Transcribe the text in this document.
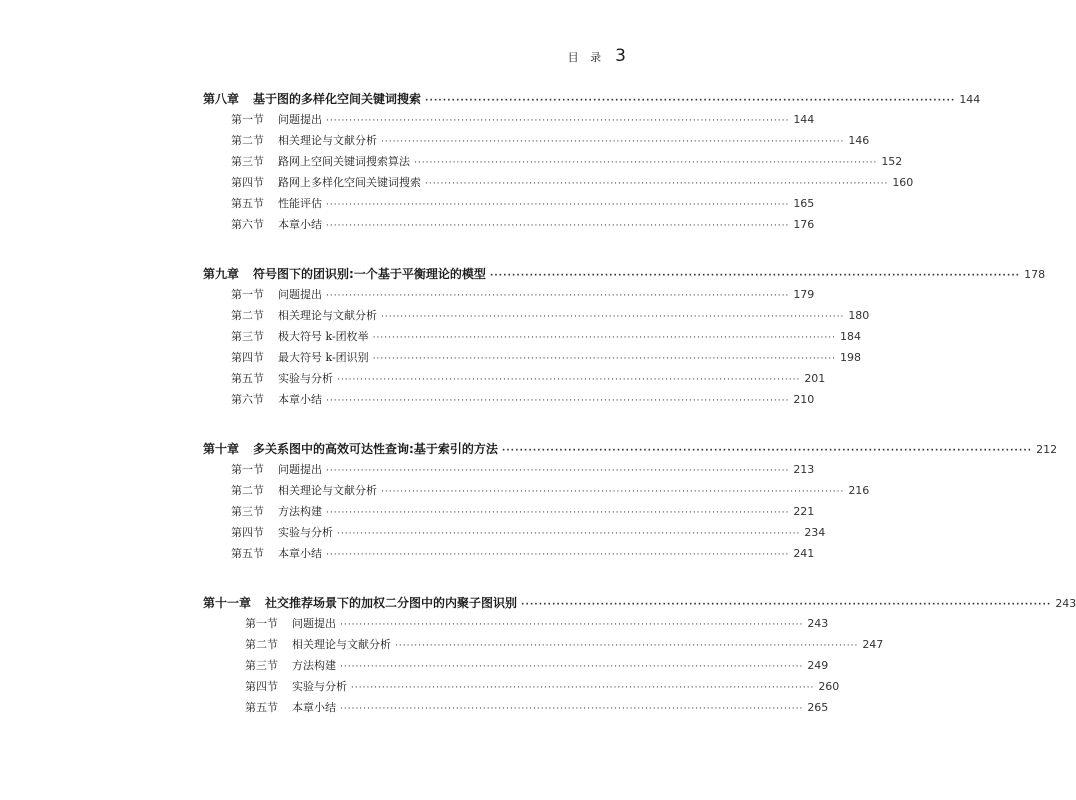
目 录 3
第八章 基于图的多样化空间关键词搜索 ························································································································ 144
第一节 问题提出 ························································································································ 144
第二节 相关理论与文献分析 ························································································································ 146
第三节 路网上空间关键词搜索算法 ························································································································ 152
第四节 路网上多样化空间关键词搜索 ························································································································ 160
第五节 性能评估 ························································································································ 165
第六节 本章小结 ························································································································ 176
第九章 符号图下的团识别:一个基于平衡理论的模型 ························································································································ 178
第一节 问题提出 ························································································································ 179
第二节 相关理论与文献分析 ························································································································ 180
第三节 极大符号 k-团枚举 ························································································································ 184
第四节 最大符号 k-团识别 ························································································································ 198
第五节 实验与分析 ························································································································ 201
第六节 本章小结 ························································································································ 210
第十章 多关系图中的高效可达性查询:基于索引的方法 ························································································································ 212
第一节 问题提出 ························································································································ 213
第二节 相关理论与文献分析 ························································································································ 216
第三节 方法构建 ························································································································ 221
第四节 实验与分析 ························································································································ 234
第五节 本章小结 ························································································································ 241
第十一章 社交推荐场景下的加权二分图中的内聚子图识别 ························································································································ 243
第一节 问题提出 ························································································································ 243
第二节 相关理论与文献分析 ························································································································ 247
第三节 方法构建 ························································································································ 249
第四节 实验与分析 ························································································································ 260
第五节 本章小结 ························································································································ 265
